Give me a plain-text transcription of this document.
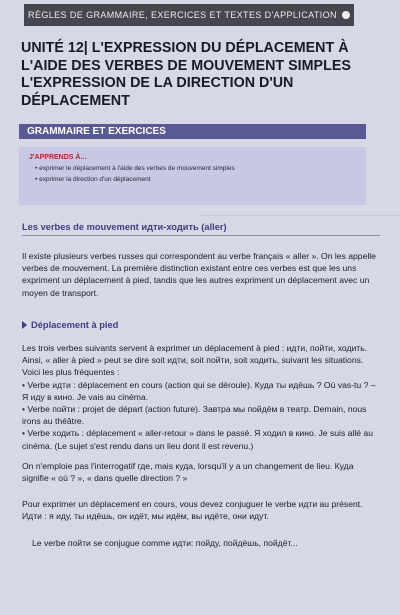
RÈGLES DE GRAMMAIRE, EXERCICES ET TEXTES D'APPLICATION
UNITÉ 12| L'EXPRESSION DU DÉPLACEMENT À L'AIDE DES VERBES DE MOUVEMENT SIMPLES L'EXPRESSION DE LA DIRECTION D'UN DÉPLACEMENT
GRAMMAIRE ET EXERCICES
J'APPRENDS À...
• exprimer le déplacement à l'aide des verbes de mouvement simples
• exprimer la direction d'un déplacement
Les verbes de mouvement идти-ходить (aller)

Il existe plusieurs verbes russes qui correspondent au verbe français « aller ». On les appelle verbes de mouvement. La première distinction existant entre ces verbes est que les uns expriment un déplacement à pied, tandis que les autres expriment un déplacement avec un moyen de transport.

Déplacement à pied

Les trois verbes suivants servent à exprimer un déplacement à pied : идти, пойти, ходить.

Ainsi, « aller à pied » peut se dire soit идти, soit пойти, soit ходить, suivant les situations. Voici les plus fréquentes :

• Verbe идти : déplacement en cours (action qui se déroule). Куда ты идёшь ? Où vas-tu ? – Я иду в кино. Je vais au cinéma.

• Verbe пойти : projet de départ (action future). Завтра мы пойдём в театр. Demain, nous irons au théâtre.

• Verbe ходить : déplacement « aller-retour » dans le passé. Я ходил в кино. Je suis allé au cinéma. (Le sujet s'est rendu dans un lieu dont il est revenu.)

On n'emploie pas l'interrogatif где, mais куда, lorsqu'il y a un changement de lieu. Куда signifie « où ? », « dans quelle direction ? »

Pour exprimer un déplacement en cours, vous devez conjuguer le verbe идти au présent.

Идти : я иду, ты идёшь, он идёт, мы идём, вы идёте, они идут.

Le verbe пойти se conjugue comme идти: пойду, пойдёшь, пойдёт...
